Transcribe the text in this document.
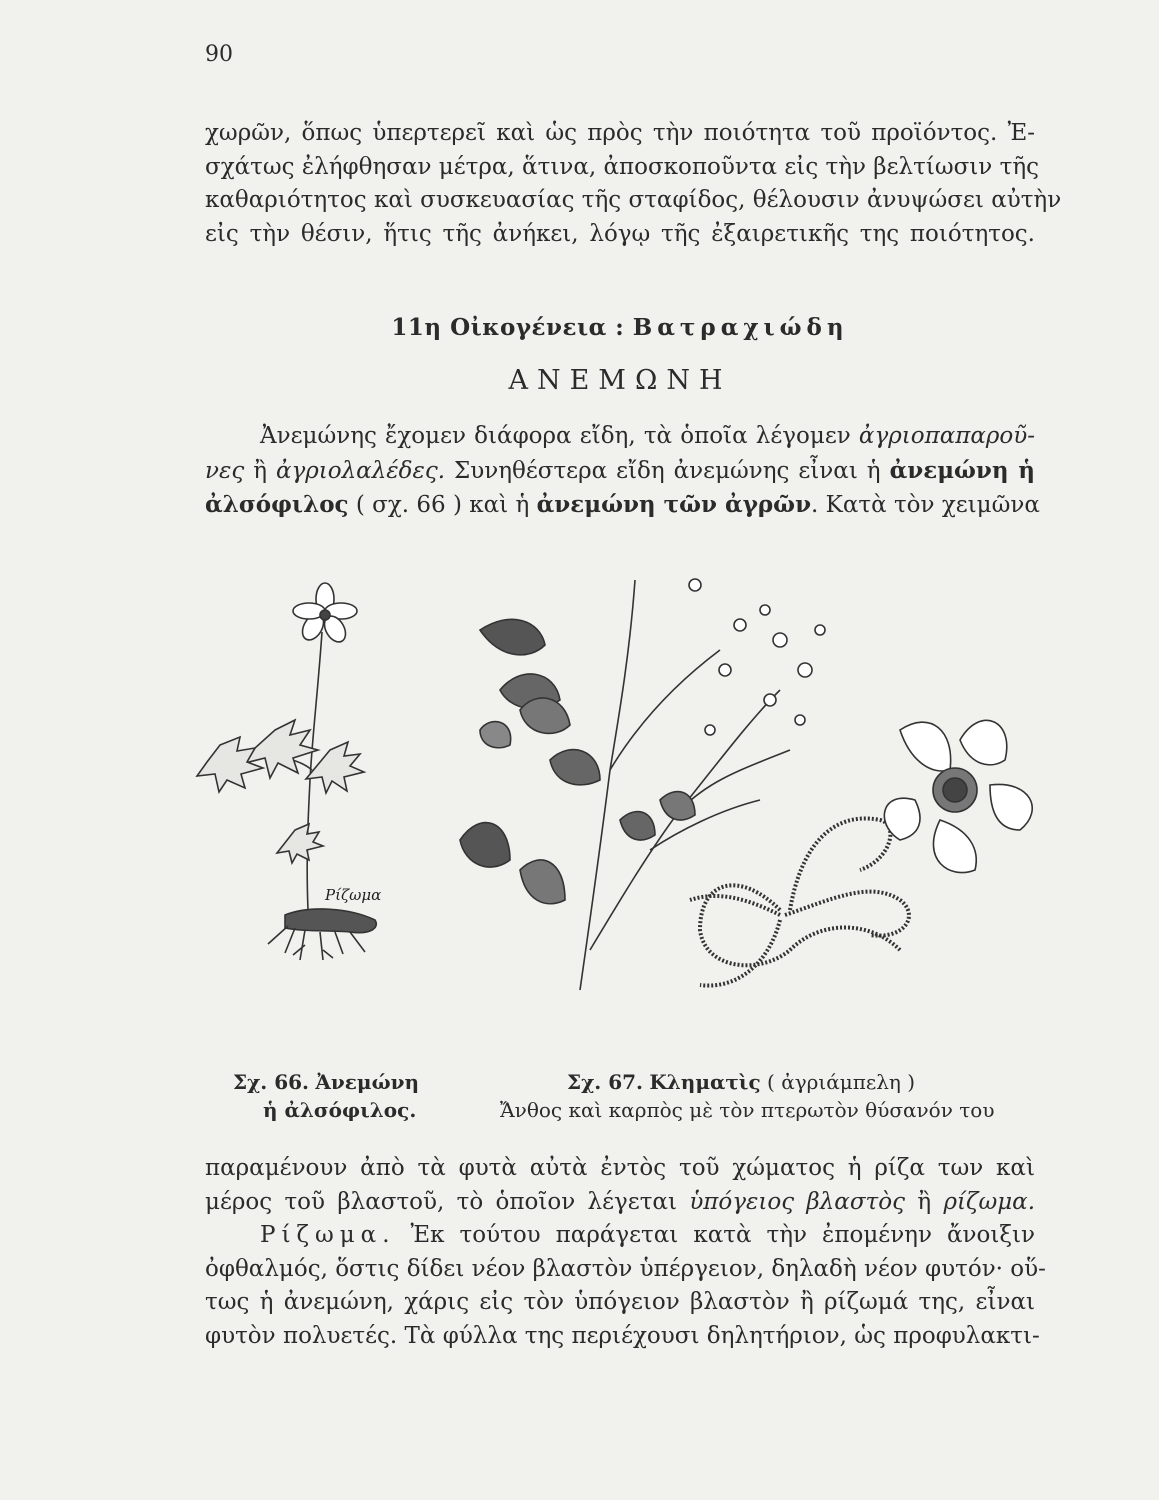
90
χωρῶν, ὅπως ὑπερτερεῖ καὶ ὡς πρὸς τὴν ποιότητα τοῦ προϊόντος. Ἐ-
σχάτως ἐλήφθησαν μέτρα, ἅτινα, ἀποσκοποῦντα εἰς τὴν βελτίωσιν τῆς
καθαριότητος καὶ συσκευασίας τῆς σταφίδος, θέλουσιν ἀνυψώσει αὐτὴν
εἰς τὴν θέσιν, ἥτις τῆς ἀνήκει, λόγῳ τῆς ἐξαιρετικῆς της ποιότητος.
11η Οἰκογένεια : Βατραχιώδη
ΑΝΕΜΩΝΗ
Ἀνεμώνης ἔχομεν διάφορα εἴδη, τὰ ὁποῖα λέγομεν ἀγριοπαπαροῦ-
νες ἢ ἀγριολαλέδες. Συνηθέστερα εἴδη ἀνεμώνης εἶναι ἡ ἀνεμώνη ἡ
ἀλσόφιλος ( σχ. 66 ) καὶ ἡ ἀνεμώνη τῶν ἀγρῶν. Κατὰ τὸν χειμῶνα
Ρίζωμα
Σχ. 66. Ἀνεμώνη
ἡ ἀλσόφιλος.
Σχ. 67. Κληματὶς ( ἀγριάμπελη )
Ἄνθος καὶ καρπὸς μὲ τὸν πτερωτὸν θύσανόν του
παραμένουν ἀπὸ τὰ φυτὰ αὐτὰ ἐντὸς τοῦ χώματος ἡ ρίζα των καὶ
μέρος τοῦ βλαστοῦ, τὸ ὁποῖον λέγεται ὑπόγειος βλαστὸς ἢ ρίζωμα.
Ρίζωμα. Ἐκ τούτου παράγεται κατὰ τὴν ἐπομένην ἄνοιξιν
ὀφθαλμός, ὅστις δίδει νέον βλαστὸν ὑπέργειον, δηλαδὴ νέον φυτόν· οὕ-
τως ἡ ἀνεμώνη, χάρις εἰς τὸν ὑπόγειον βλαστὸν ἢ ρίζωμά της, εἶναι
φυτὸν πολυετές. Τὰ φύλλα της περιέχουσι δηλητήριον, ὡς προφυλακτι-
